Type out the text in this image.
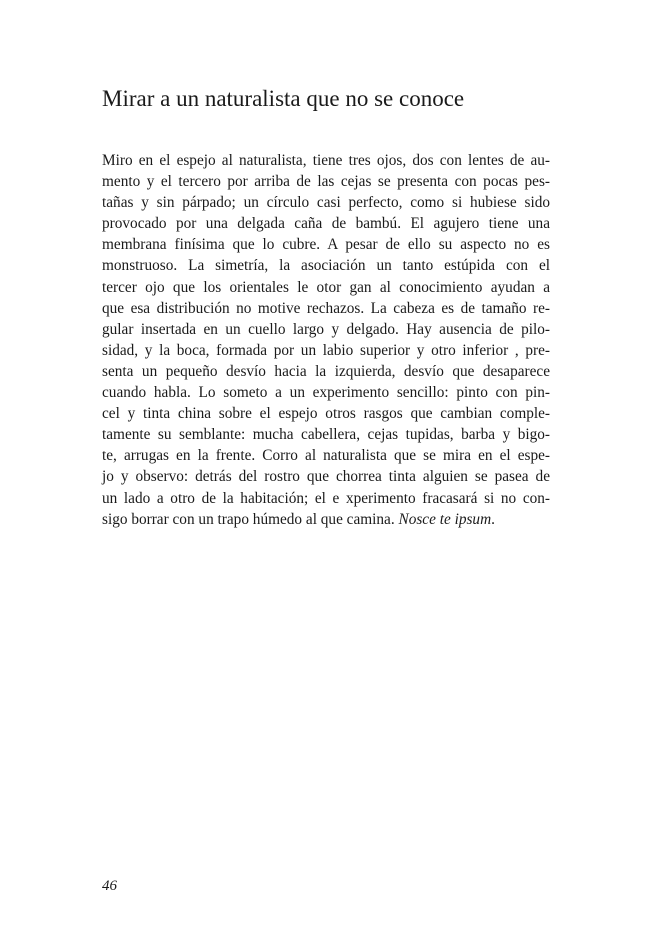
Mirar a un naturalista que no se conoce
Miro en el espejo al naturalista, tiene tres ojos, dos con lentes de au-
mento y el tercero por arriba de las cejas se presenta con pocas pes-
tañas y sin párpado; un círculo casi perfecto, como si hubiese sido
provocado por una delgada caña de bambú. El agujero tiene una
membrana finísima que lo cubre. A pesar de ello su aspecto no es
monstruoso. La simetría, la asociación un tanto estúpida con el
tercer ojo que los orientales le otor gan al conocimiento ayudan a
que esa distribución no motive rechazos. La cabeza es de tamaño re-
gular insertada en un cuello largo y delgado. Hay ausencia de pilo-
sidad, y la boca, formada por un labio superior y otro inferior , pre-
senta un pequeño desvío hacia la izquierda, desvío que desaparece
cuando habla. Lo someto a un experimento sencillo: pinto con pin-
cel y tinta china sobre el espejo otros rasgos que cambian comple-
tamente su semblante: mucha cabellera, cejas tupidas, barba y bigo-
te, arrugas en la frente. Corro al naturalista que se mira en el espe-
jo y observo: detrás del rostro que chorrea tinta alguien se pasea de
un lado a otro de la habitación; el e xperimento fracasará si no con-
sigo borrar con un trapo húmedo al que camina. Nosce te ipsum.
46
